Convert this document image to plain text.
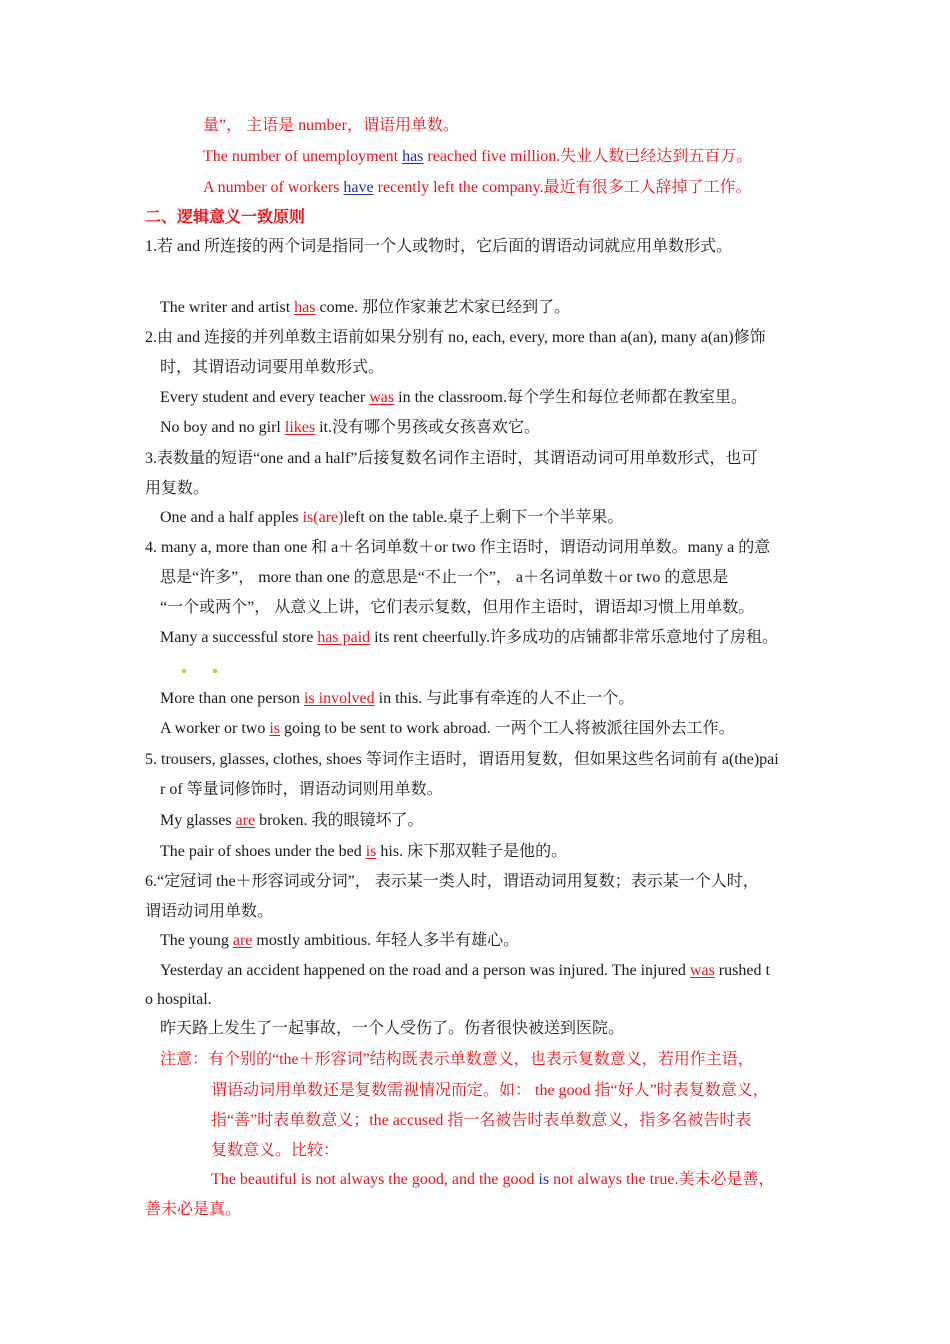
量”， 主语是 number，谓语用单数。
The number of unemployment has reached five million.失业人数已经达到五百万。
A number of workers have recently left the company.最近有很多工人辞掉了工作。
二、逻辑意义一致原则
1.若 and 所连接的两个词是指同一个人或物时，它后面的谓语动词就应用单数形式。
The writer and artist has come. 那位作家兼艺术家已经到了。
2.由 and 连接的并列单数主语前如果分别有 no, each, every, more than a(an), many a(an)修饰
时，其谓语动词要用单数形式。
Every student and every teacher was in the classroom.每个学生和每位老师都在教室里。
No boy and no girl likes it.没有哪个男孩或女孩喜欢它。
3.表数量的短语“one and a half”后接复数名词作主语时，其谓语动词可用单数形式，也可
用复数。
One and a half apples is(are)left on the table.桌子上剩下一个半苹果。
4. many a, more than one 和 a＋名词单数＋or two 作主语时，谓语动词用单数。many a 的意
思是“许多”， more than one 的意思是“不止一个”， a＋名词单数＋or two 的意思是
“一个或两个”， 从意义上讲，它们表示复数，但用作主语时，谓语却习惯上用单数。
Many a successful store has paid its rent cheerfully.许多成功的店铺都非常乐意地付了房租。
More than one person is involved in this. 与此事有牵连的人不止一个。
A worker or two is going to be sent to work abroad. 一两个工人将被派往国外去工作。
5. trousers, glasses, clothes, shoes 等词作主语时，谓语用复数，但如果这些名词前有 a(the)pai
r of 等量词修饰时，谓语动词则用单数。
My glasses are broken. 我的眼镜坏了。
The pair of shoes under the bed is his. 床下那双鞋子是他的。
6.“定冠词 the＋形容词或分词”， 表示某一类人时，谓语动词用复数；表示某一个人时，
谓语动词用单数。
The young are mostly ambitious. 年轻人多半有雄心。
Yesterday an accident happened on the road and a person was injured. The injured was rushed t
o hospital.
昨天路上发生了一起事故，一个人受伤了。伤者很快被送到医院。
注意：有个别的“the＋形容词”结构既表示单数意义，也表示复数意义，若用作主语，
谓语动词用单数还是复数需视情况而定。如： the good 指“好人”时表复数意义，
指“善”时表单数意义；the accused 指一名被告时表单数意义，指多名被告时表
复数意义。比较：
The beautiful is not always the good, and the good is not always the true.美未必是善，
善未必是真。
